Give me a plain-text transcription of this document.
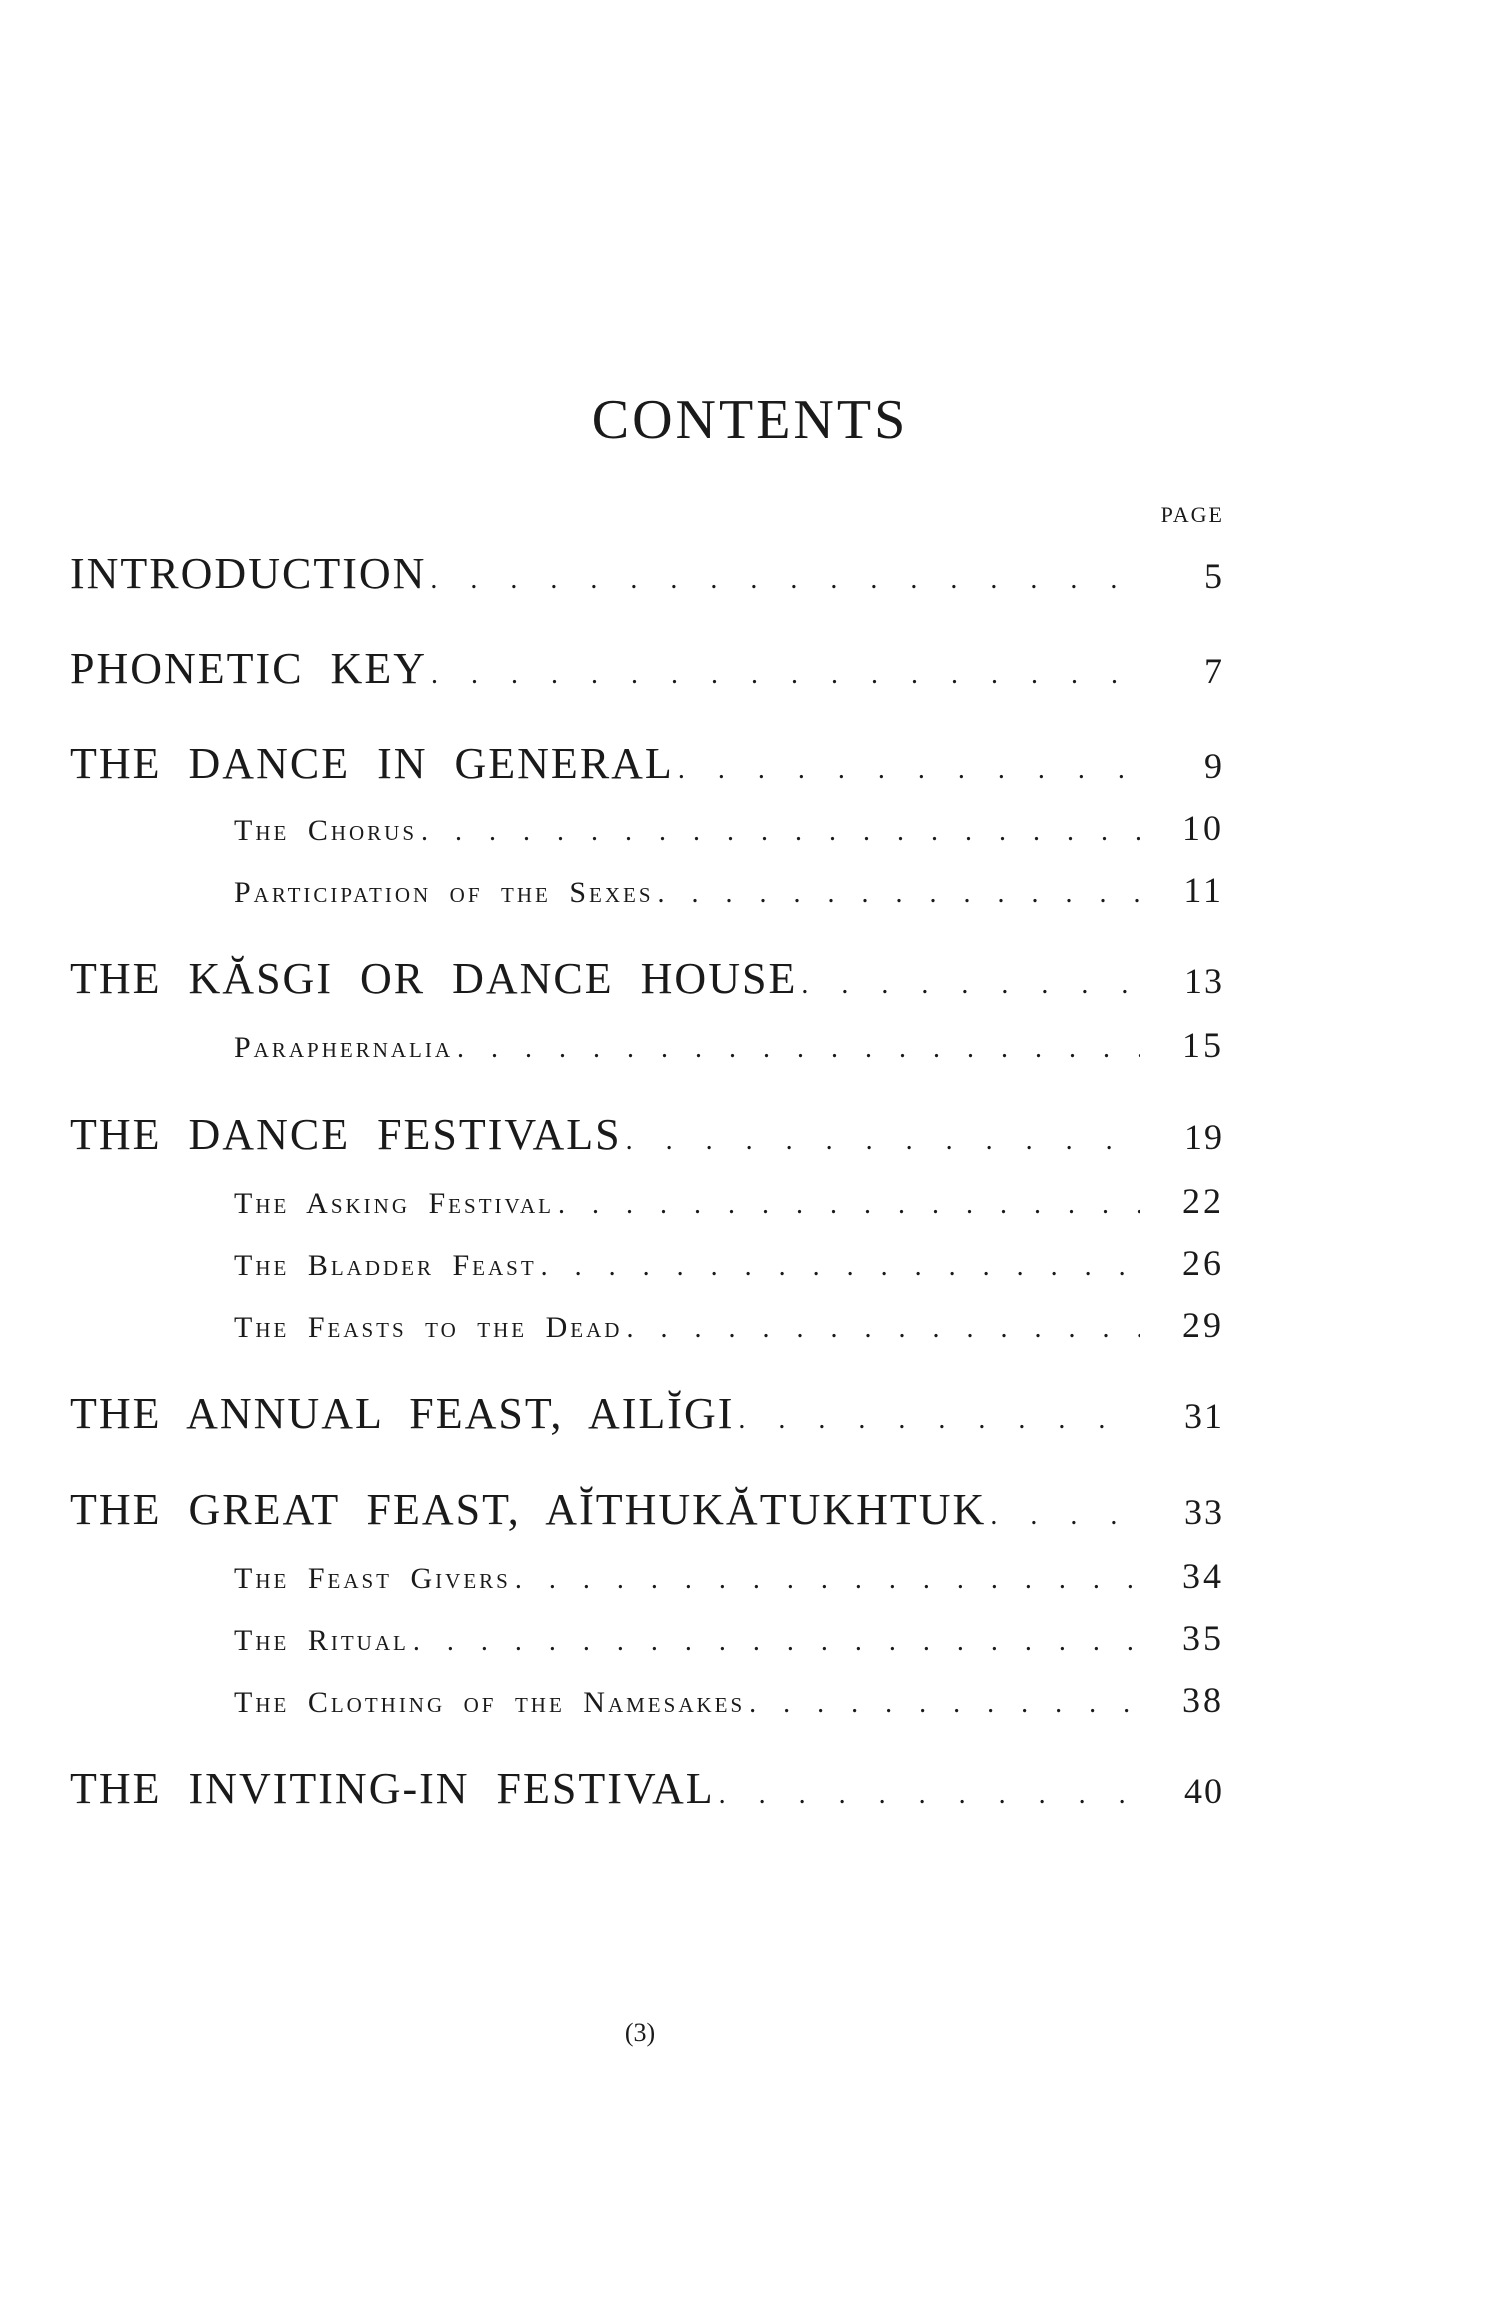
CONTENTS
PAGE
INTRODUCTION . . .	5
PHONETIC KEY . . .	7
THE DANCE IN GENERAL . . .	9
The Chorus . . .	10
Participation of the Sexes . . .	11
THE KĂSGI OR DANCE HOUSE . . .	13
Paraphernalia . . .	15
THE DANCE FESTIVALS . . .	19
The Asking Festival . . .	22
The Bladder Feast . . .	26
The Feasts to the Dead . . .	29
THE ANNUAL FEAST, AILĬGI . . .	31
THE GREAT FEAST, AĬTHUKĂTUKHTUK . . .	33
The Feast Givers . . .	34
The Ritual . . .	35
The Clothing of the Namesakes . . .	38
THE INVITING-IN FESTIVAL . . .	40
(3)
